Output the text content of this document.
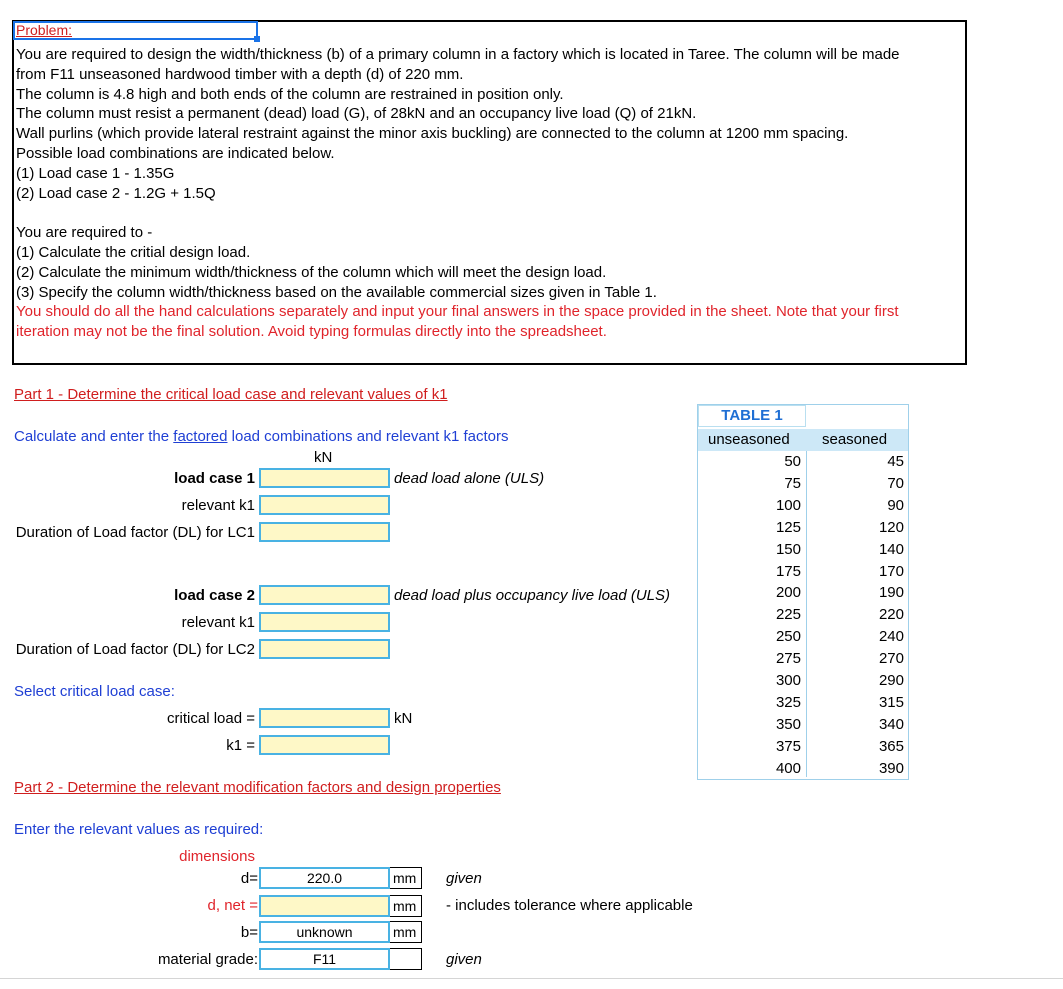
Problem:
You are required to design the width/thickness (b) of a primary column in a factory which is located in Taree. The column will be made
from F11 unseasoned hardwood timber with a depth (d) of 220 mm.
The column is 4.8 high and both ends of the column are restrained in position only.
The column must resist a permanent (dead) load (G), of 28kN and an occupancy live load (Q) of 21kN.
Wall purlins (which provide lateral restraint against the minor axis buckling) are connected to the column at 1200 mm spacing.
Possible load combinations are indicated below.
(1) Load case 1 - 1.35G
(2) Load case 2 - 1.2G + 1.5Q
You are required to -
(1) Calculate the critial design load.
(2) Calculate the minimum width/thickness of the column which will meet the design load.
(3) Specify the column width/thickness based on the available commercial sizes given in Table 1.
You should do all the hand calculations separately and input your final answers in the space provided in the sheet. Note that your first
iteration may not be the final solution. Avoid typing formulas directly into the spreadsheet.
Part 1 - Determine the critical load case and relevant values of k1
Calculate and enter the factored load combinations and relevant k1 factors
kN
load case 1	dead load alone (ULS)
relevant k1
Duration of Load factor (DL) for LC1
load case 2	dead load plus occupancy live load (ULS)
relevant k1
Duration of Load factor (DL) for LC2
Select critical load case:
critical load =	kN
k1 =
Part 2 - Determine the relevant modification factors and design properties
Enter the relevant values as required:
dimensions
d=	220.0	mm	given
d, net =	mm	- includes tolerance where applicable
b=	unknown	mm
material grade:	F11	given
TABLE 1
unseasoned seasoned
50	45
75	70
100	90
125	120
150	140
175	170
200	190
225	220
250	240
275	270
300	290
325	315
350	340
375	365
400	390
